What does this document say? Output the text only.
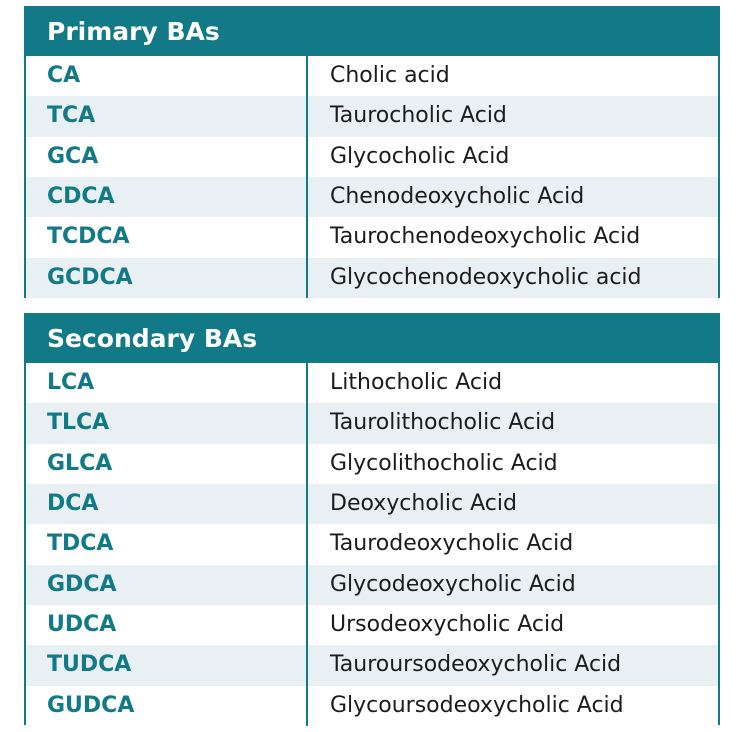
Primary BAs
CA	Cholic acid
TCA	Taurocholic Acid
GCA	Glycocholic Acid
CDCA	Chenodeoxycholic Acid
TCDCA	Taurochenodeoxycholic Acid
GCDCA	Glycochenodeoxycholic acid
Secondary BAs
LCA	Lithocholic Acid
TLCA	Taurolithocholic Acid
GLCA	Glycolithocholic Acid
DCA	Deoxycholic Acid
TDCA	Taurodeoxycholic Acid
GDCA	Glycodeoxycholic Acid
UDCA	Ursodeoxycholic Acid
TUDCA	Tauroursodeoxycholic Acid
GUDCA	Glycoursodeoxycholic Acid
